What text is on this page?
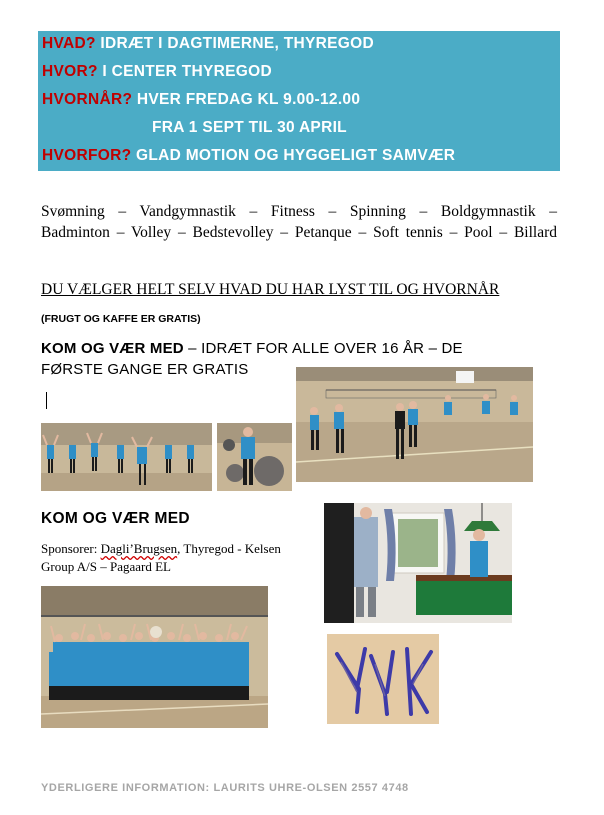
HVAD? IDRÆT I DAGTIMERNE, THYREGOD
HVOR? I CENTER THYREGOD
HVORNÅR? HVER FREDAG KL 9.00-12.00
FRA 1 SEPT TIL 30 APRIL
HVORFOR? GLAD MOTION OG HYGGELIGT SAMVÆR
Svømning – Vandgymnastik – Fitness – Spinning – Boldgymnastik –
Badminton – Volley – Bedstevolley – Petanque – Soft tennis – Pool – Billard
DU VÆLGER HELT SELV HVAD DU HAR LYST TIL OG HVORNÅR
(FRUGT OG KAFFE ER GRATIS)
KOM OG VÆR MED – IDRÆT FOR ALLE OVER 16 ÅR – DE FØRSTE GANGE ER GRATIS
KOM OG VÆR MED
Sponsorer: Dagli’Brugsen, Thyregod - Kelsen Group A/S – Pagaard EL
YDERLIGERE INFORMATION: LAURITS UHRE-OLSEN 2557 4748
